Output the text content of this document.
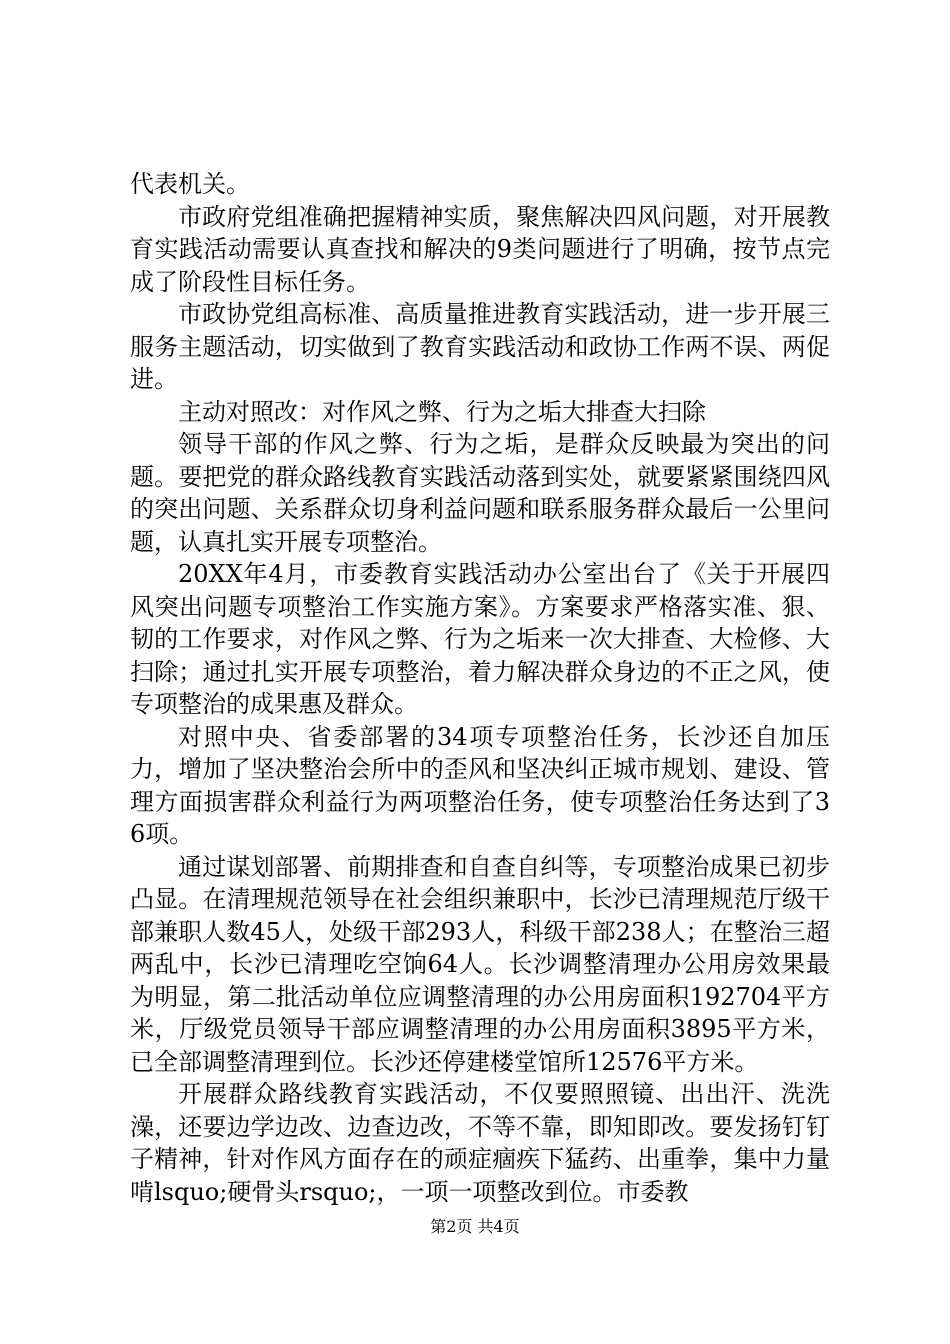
代表机关。

市政府党组准确把握精神实质，聚焦解决四风问题，对开展教育实践活动需要认真查找和解决的9类问题进行了明确，按节点完成了阶段性目标任务。

市政协党组高标准、高质量推进教育实践活动，进一步开展三服务主题活动，切实做到了教育实践活动和政协工作两不误、两促进。

主动对照改：对作风之弊、行为之垢大排查大扫除

领导干部的作风之弊、行为之垢，是群众反映最为突出的问题。要把党的群众路线教育实践活动落到实处，就要紧紧围绕四风的突出问题、关系群众切身利益问题和联系服务群众最后一公里问题，认真扎实开展专项整治。

20XX年4月，市委教育实践活动办公室出台了《关于开展四风突出问题专项整治工作实施方案》。方案要求严格落实准、狠、韧的工作要求，对作风之弊、行为之垢来一次大排查、大检修、大扫除；通过扎实开展专项整治，着力解决群众身边的不正之风，使专项整治的成果惠及群众。

对照中央、省委部署的34项专项整治任务，长沙还自加压力，增加了坚决整治会所中的歪风和坚决纠正城市规划、建设、管理方面损害群众利益行为两项整治任务，使专项整治任务达到了36项。

通过谋划部署、前期排查和自查自纠等，专项整治成果已初步凸显。在清理规范领导在社会组织兼职中，长沙已清理规范厅级干部兼职人数45人，处级干部293人，科级干部238人；在整治三超两乱中，长沙已清理吃空饷64人。长沙调整清理办公用房效果最为明显，第二批活动单位应调整清理的办公用房面积192704平方米，厅级党员领导干部应调整清理的办公用房面积3895平方米，已全部调整清理到位。长沙还停建楼堂馆所12576平方米。

开展群众路线教育实践活动，不仅要照照镜、出出汗、洗洗澡，还要边学边改、边查边改，不等不靠，即知即改。要发扬钉钉子精神，针对作风方面存在的顽症痼疾下猛药、出重拳，集中力量啃lsquo;硬骨头rsquo;，一项一项整改到位。市委教

第2页 共4页
